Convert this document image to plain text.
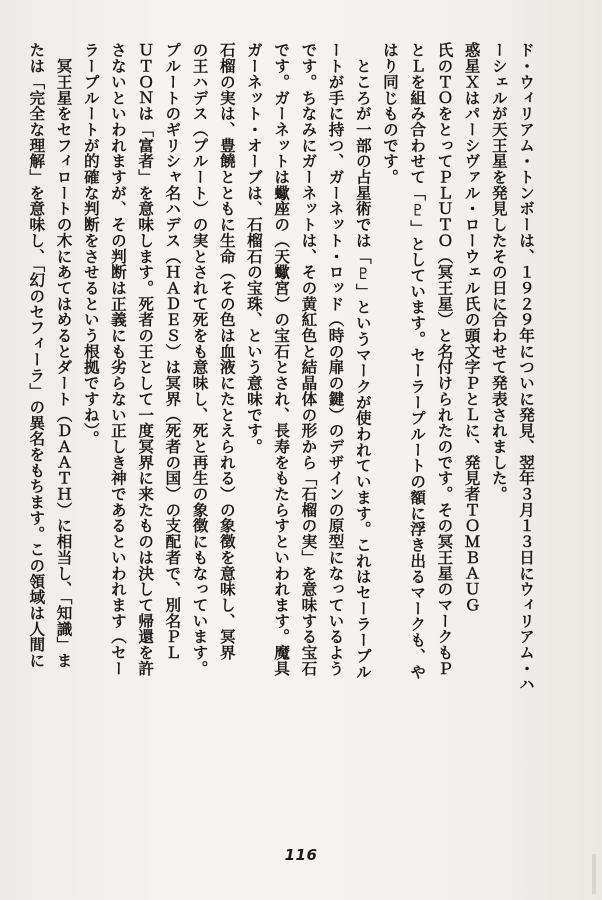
ド・ウィリアム・トンボーは、１９２９年についに発見、翌年３月１３日にウィリアム・ハ
ーシェルが天王星を発見したその日に合わせて発表されました。
惑星Ｘはパーシヴァル・ローウェル氏の頭文字ＰとＬに、発見者ＴＯＭＢＡＵＧ
氏のＴＯをとってＰＬＵＴＯ（冥王星）と名付けられたのです。その冥王星のマークもＰ
とＬを組み合わせて「♇」としています。セーラープルートの額に浮き出るマークも、や
はり同じものです。
　ところが一部の占星術では「♇」というマークが使われています。これはセーラープル
ートが手に持つ、ガーネット・ロッド（時の扉の鍵）のデザインの原型になっているよう
です。ちなみにガーネットは、その黄紅色と結晶体の形から「石榴の実」を意味する宝石
です。ガーネットは蠍座の（天蠍宮）の宝石とされ、長寿をもたらすといわれます。魔具
ガーネット・オーブは、石榴石の宝珠、という意味です。
石榴の実は、豊饒とともに生命（その色は血液にたとえられる）の象徴を意味し、冥界
の王ハデス（プルート）の実とされて死をも意味し、死と再生の象徴にもなっています。
プルートのギリシャ名ハデス（ＨＡＤＥＳ）は冥界（死者の国）の支配者で、別名ＰＬ
ＵＴＯＮは「富者」を意味します。死者の王として一度冥界に来たものは決して帰還を許
さないといわれますが、その判断は正義にも劣らない正しき神であるといわれます（セー
ラープルートが的確な判断をさせるという根拠ですね）。
　冥王星をセフィロートの木にあてはめるとダート（ＤＡＡＴＨ）に相当し、「知識」ま
たは「完全な理解」を意味し、「幻のセフィーラ」の異名をもちます。この領域は人間に
116
